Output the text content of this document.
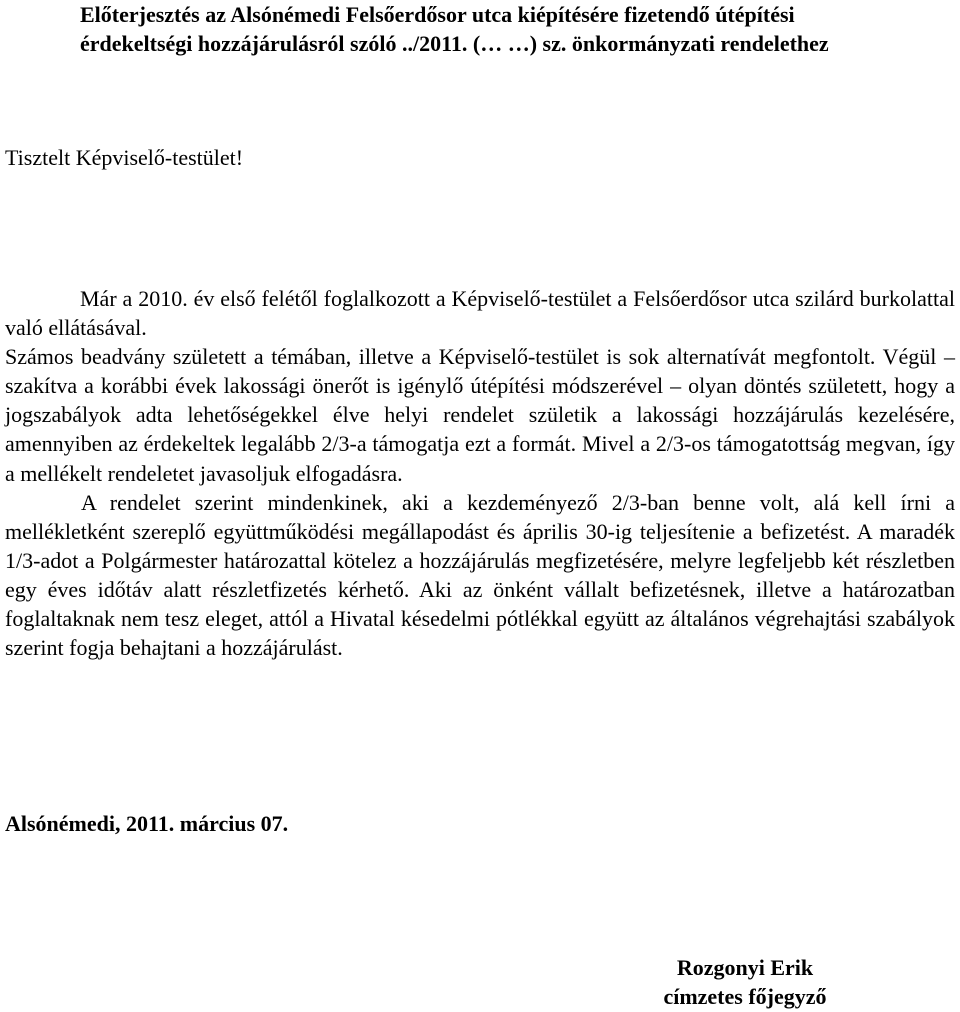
Előterjesztés az Alsónémedi Felsőerdősor utca kiépítésére fizetendő útépítési
érdekeltségi hozzájárulásról szóló ../2011. (… …) sz. önkormányzati rendelethez
Tisztelt Képviselő-testület!

Már a 2010. év első felétől foglalkozott a Képviselő-testület a Felsőerdősor utca szilárd burkolattal való ellátásával.

Számos beadvány született a témában, illetve a Képviselő-testület is sok alternatívát megfontolt. Végül – szakítva a korábbi évek lakossági önerőt is igénylő útépítési módszerével – olyan döntés született, hogy a jogszabályok adta lehetőségekkel élve helyi rendelet születik a lakossági hozzájárulás kezelésére, amennyiben az érdekeltek legalább 2/3-a támogatja ezt a formát. Mivel a 2/3-os támogatottság megvan, így a mellékelt rendeletet javasoljuk elfogadásra.

A rendelet szerint mindenkinek, aki a kezdeményező 2/3-ban benne volt, alá kell írni a mellékletként szereplő együttműködési megállapodást és április 30-ig teljesítenie a befizetést. A maradék 1/3-adot a Polgármester határozattal kötelez a hozzájárulás megfizetésére, melyre legfeljebb két részletben egy éves időtáv alatt részletfizetés kérhető. Aki az önként vállalt befizetésnek, illetve a határozatban foglaltaknak nem tesz eleget, attól a Hivatal késedelmi pótlékkal együtt az általános végrehajtási szabályok szerint fogja behajtani a hozzájárulást.

Alsónémedi, 2011. március 07.
Rozgonyi Erik
címzetes főjegyző
